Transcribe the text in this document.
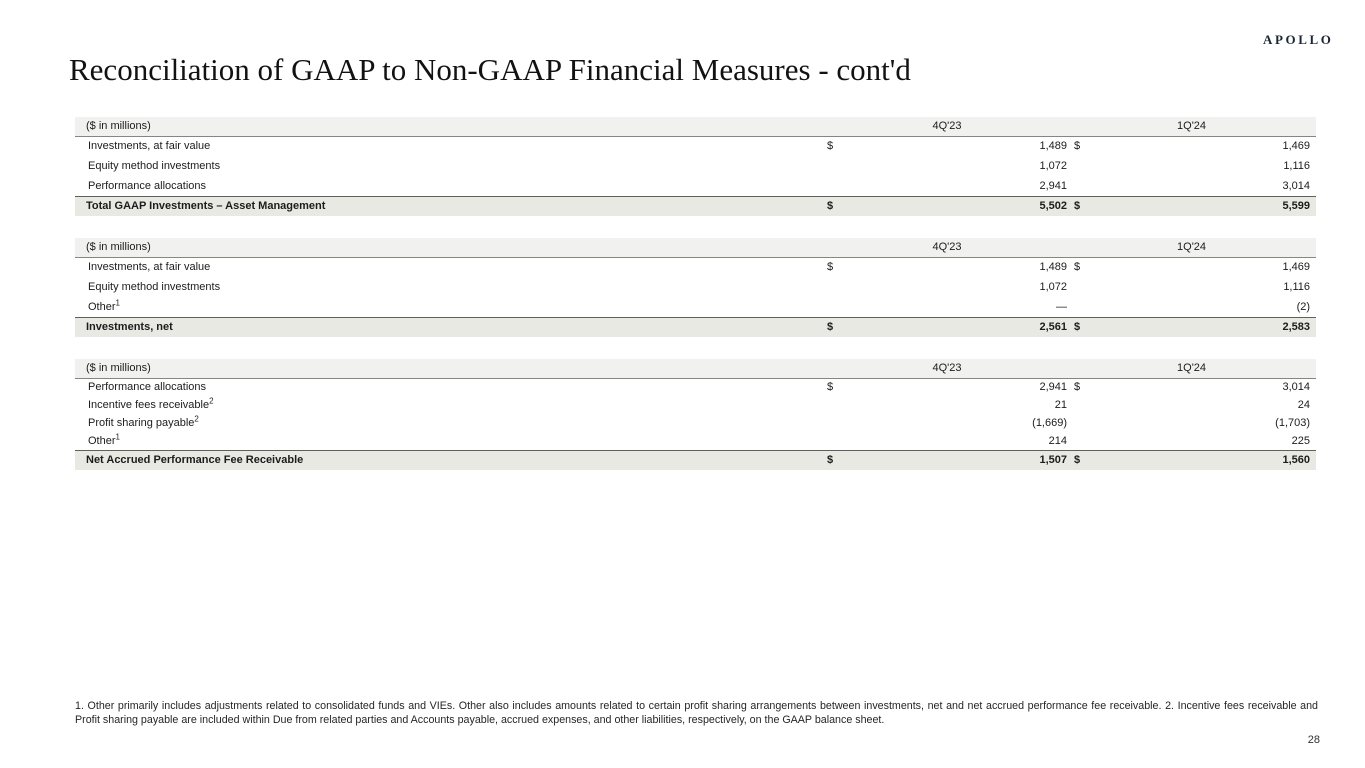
APOLLO
Reconciliation of GAAP to Non-GAAP Financial Measures - cont'd
($ in millions)	4Q'23		1Q'24	
Investments, at fair value	$	1,489	$	1,469
Equity method investments		1,072		1,116
Performance allocations		2,941		3,014
Total GAAP Investments – Asset Management	$	5,502	$	5,599
($ in millions)	4Q'23		1Q'24	
Investments, at fair value	$	1,489	$	1,469
Equity method investments		1,072		1,116
Other$^1$		—		(2)
Investments, net	$	2,561	$	2,583
($ in millions)	4Q'23		1Q'24	
Performance allocations	$	2,941	$	3,014
Incentive fees receivable$^2$		21		24
Profit sharing payable$^2$		(1,669)		(1,703)
Other$^1$		214		225
Net Accrued Performance Fee Receivable	$	1,507	$	1,560
1. Other primarily includes adjustments related to consolidated funds and VIEs. Other also includes amounts related to certain profit sharing arrangements between investments, net and net accrued performance fee receivable. 2. Incentive fees receivable and Profit sharing payable are included within Due from related parties and Accounts payable, accrued expenses, and other liabilities, respectively, on the GAAP balance sheet.
28
